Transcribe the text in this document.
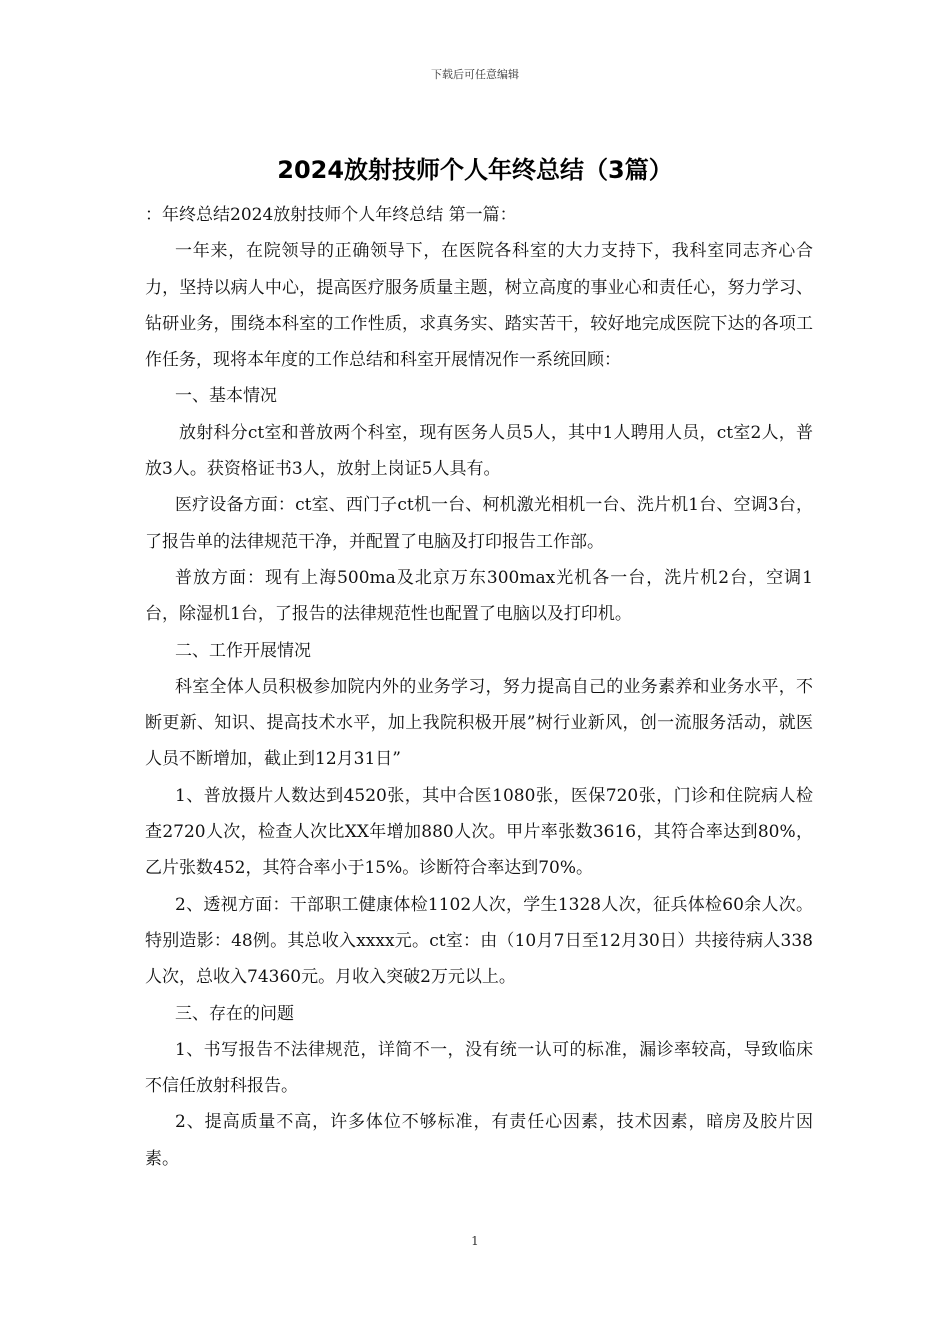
下载后可任意编辑
2024放射技师个人年终总结（3篇）

：年终总结2024放射技师个人年终总结 第一篇：

一年来，在院领导的正确领导下，在医院各科室的大力支持下，我科室同志齐心合力，坚持以病人中心，提高医疗服务质量主题，树立高度的事业心和责任心，努力学习、钻研业务，围绕本科室的工作性质，求真务实、踏实苦干，较好地完成医院下达的各项工作任务，现将本年度的工作总结和科室开展情况作一系统回顾：

一、基本情况

放射科分ct室和普放两个科室，现有医务人员5人，其中1人聘用人员，ct室2人，普放3人。获资格证书3人，放射上岗证5人具有。

医疗设备方面：ct室、西门子ct机一台、柯机激光相机一台、洗片机1台、空调3台，了报告单的法律规范干净，并配置了电脑及打印报告工作部。

普放方面：现有上海500ma及北京万东300max光机各一台，洗片机2台，空调1台，除湿机1台，了报告的法律规范性也配置了电脑以及打印机。

二、工作开展情况

科室全体人员积极参加院内外的业务学习，努力提高自己的业务素养和业务水平，不断更新、知识、提高技术水平，加上我院积极开展”树行业新风，创一流服务活动，就医人员不断增加，截止到12月31日”

1、普放摄片人数达到4520张，其中合医1080张，医保720张，门诊和住院病人检查2720人次，检查人次比XX年增加880人次。甲片率张数3616，其符合率达到80%，乙片张数452，其符合率小于15%。诊断符合率达到70%。

2、透视方面：干部职工健康体检1102人次，学生1328人次，征兵体检60余人次。特别造影：48例。其总收入xxxx元。ct室：由（10月7日至12月30日）共接待病人338人次，总收入74360元。月收入突破2万元以上。

三、存在的问题

1、书写报告不法律规范，详简不一，没有统一认可的标准，漏诊率较高，导致临床不信任放射科报告。

2、提高质量不高，许多体位不够标准，有责任心因素，技术因素，暗房及胶片因素。

1
